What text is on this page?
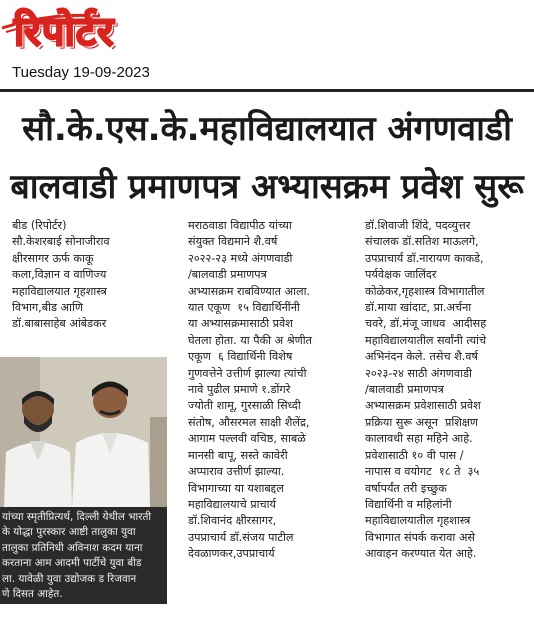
रिपोर्टर
Tuesday 19-09-2023
सौ.के.एस.के.महाविद्यालयात अंगणवाडी
बालवाडी प्रमाणपत्र अभ्यासक्रम प्रवेश सुरू
बीड (रिपोर्टर)
सौ.केशरबाई सोनाजीराव
क्षीरसागर ऊर्फ काकू
कला,विज्ञान व वाणिज्य
महाविद्यालयात गृहशास्त्र
विभाग,बीड आणि
डॉ.बाबासाहेब आंबेडकर
यांच्या स्मृतीप्रित्यर्थ, दिल्ली येथील भारती
के योद्धा पुरस्कार आष्टी तालुका युवा
तालुका प्रतिनिधी अविनाश कदम याना
करताना आम आदमी पार्टीचे युवा बीड
ला. यावेळी युवा उद्योजक ड रिजवान
णे दिसत आहेत.
मराठवाडा विद्यापीठ यांच्या
संयुक्त विद्यमाने शै.वर्ष
२०२२-२३ मध्ये अंगणवाडी
/बालवाडी प्रमाणपत्र
अभ्यासक्रम राबविण्यात आला.
यात एकूण  १५ विद्यार्थिनींनी
या अभ्यासक्रमासाठी प्रवेश
घेतला होता. या पैकी अ श्रेणीत
एकूण  ६ विद्यार्थिनी विशेष
गुणवत्तेने उत्तीर्ण झाल्या त्यांची
नावे पुढील प्रमाणे १.डोंगरे
ज्योती शामू, गुरसाळी सिध्दी
संतोष, औसरमल साक्षी शैलेंद्र,
आगाम पल्लवी वचिष्ठ, साबळे
मानसी बापू, सस्ते कावेरी
अप्पाराव उत्तीर्ण झाल्या.
विभागाच्या या यशाबद्दल
महाविद्यालयाचे प्राचार्य
डॉ.शिवानंद क्षीरसागर,
उपप्राचार्य डॉ.संजय पाटील
देवळाणकर,उपप्राचार्य
डॉ.शिवाजी शिंदे, पदव्युत्तर
संचालक डॉ.सतिश माऊलगे,
उपप्राचार्य डॉ.नारायण काकडे,
पर्यवेक्षक जालिंदर
कोळेकर,गृहशास्त्र विभागातील
डॉ.माया खांदाट, प्रा.अर्चना
चवरे, डॉ.मंजू जाधव  आदीसह
महाविद्यालयातील सर्वांनी त्यांचे
अभिनंदन केले. तसेच शै.वर्ष
२०२३-२४ साठी अंगणवाडी
/बालवाडी प्रमाणपत्र
अभ्यासक्रम प्रवेशासाठी प्रवेश
प्रक्रिया सुरू असून  प्रशिक्षण
कालावधी सहा महिने आहे.
प्रवेशासाठी १० वी पास /
नापास व वयोगट  १८ ते  ३५
वर्षापर्यंत तरी इच्छुक
विद्यार्थिनी व महिलांनी
महाविद्यालयातील गृहशास्त्र
विभागात संपर्क करावा असे
आवाहन करण्यात येत आहे.
